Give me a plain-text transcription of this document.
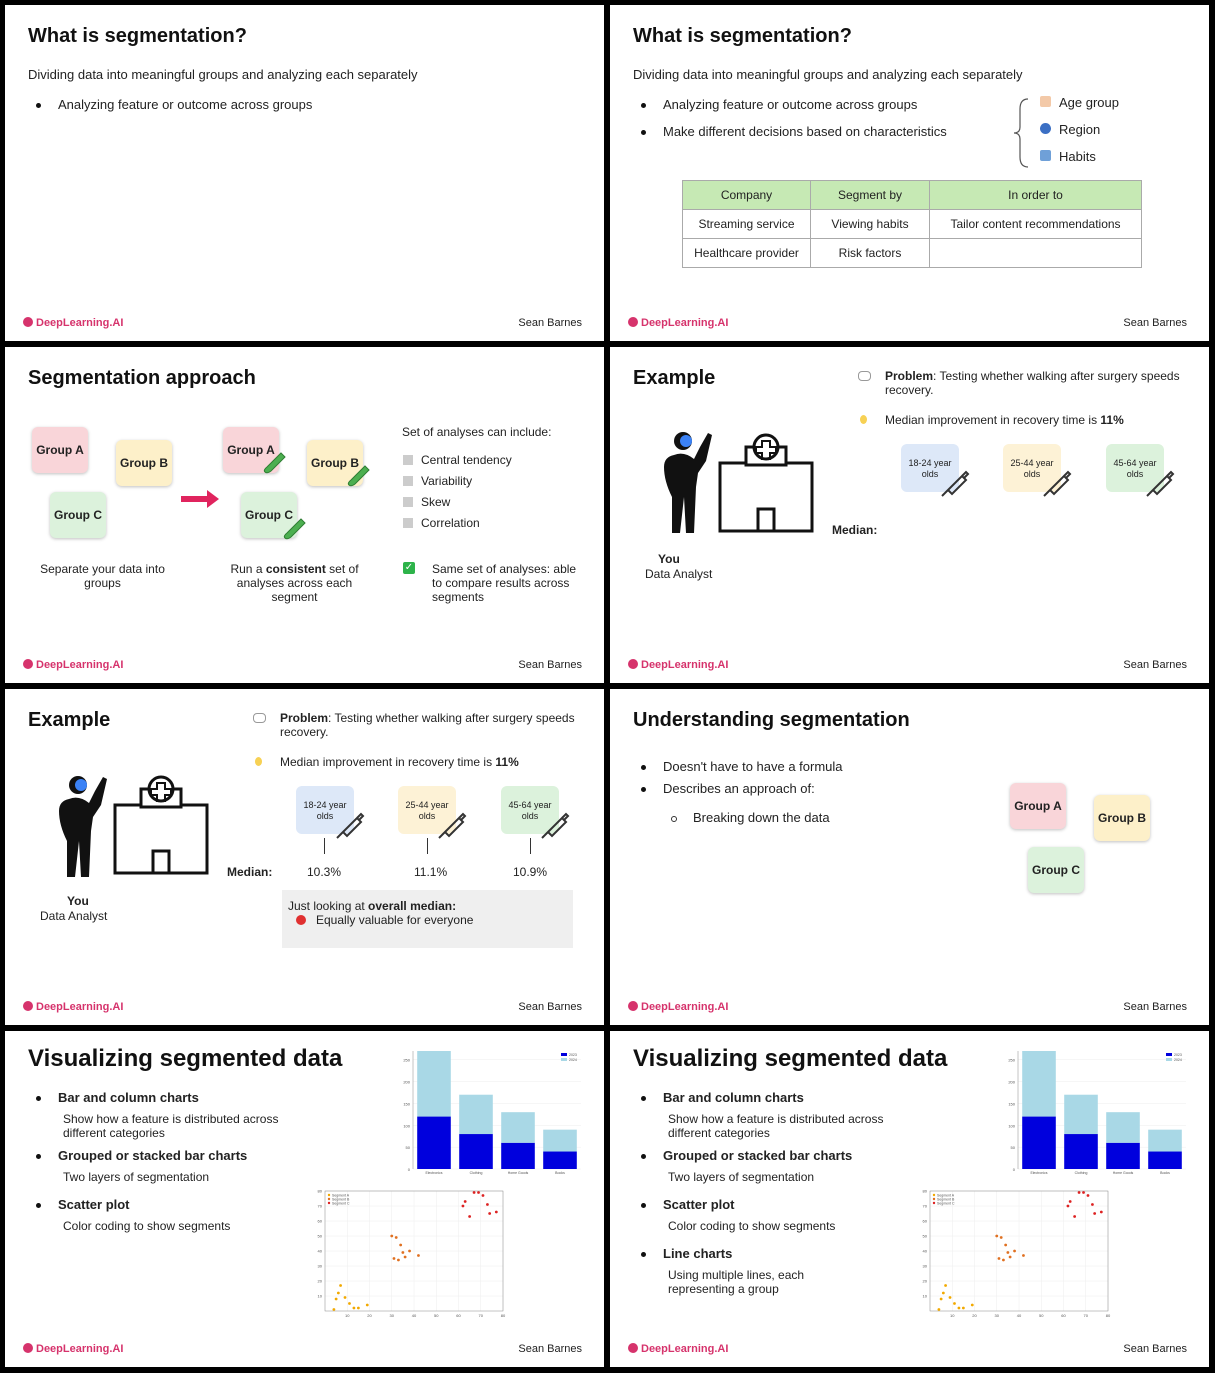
What is segmentation?
Dividing data into meaningful groups and analyzing each separately
Analyzing feature or outcome across groups
DeepLearning.AI	Sean Barnes
What is segmentation?
Dividing data into meaningful groups and analyzing each separately
Analyzing feature or outcome across groups
Make different decisions based on characteristics
Age group
Region
Habits
Company	Segment by	In order to
Streaming service	Viewing habits	Tailor content recommendations
Healthcare provider	Risk factors	
DeepLearning.AI	Sean Barnes
Segmentation approach
Group A
Group B
Group C
Separate your data into groups
Group A
Group B
Group C
Run a consistent set of analyses across each segment
Set of analyses can include:
Central tendency
Variability
Skew
Correlation
✓ Same set of analyses: able to compare results across segments
DeepLearning.AI	Sean Barnes
Example	Problem: Testing whether walking after surgery speeds recovery.
Median improvement in recovery time is 11%
You
Data Analyst
18-24 year olds
25-44 year olds
45-64 year olds
Median:
DeepLearning.AI	Sean Barnes
Example	Problem: Testing whether walking after surgery speeds recovery.
Median improvement in recovery time is 11%
You
Data Analyst
18-24 year olds
25-44 year olds
45-64 year olds
Median:	10.3%	11.1%	10.9%
Just looking at overall median:
Equally valuable for everyone
DeepLearning.AI	Sean Barnes
Understanding segmentation
Doesn't have to have a formula
Describes an approach of:
Breaking down the data
Group A
Group B
Group C
DeepLearning.AI	Sean Barnes
Visualizing segmented data
Bar and column charts
Show how a feature is distributed across different categories
Grouped or stacked bar charts
Two layers of segmentation
Scatter plot
Color coding to show segments
0
50
100
150
200
250
Electronics	Clothing	Home Goods	Books
2023
2024
10
20
30
40
50
60
70
80
10	20	30	40	50	60	70	80
Segment A
Segment B
Segment C
DeepLearning.AI	Sean Barnes
Visualizing segmented data
Bar and column charts
Show how a feature is distributed across different categories
Grouped or stacked bar charts
Two layers of segmentation
Scatter plot
Color coding to show segments
Line charts
Using multiple lines, each representing a group
0
50
100
150
200
250
Electronics	Clothing	Home Goods	Books
2023
2024
10
20
30
40
50
60
70
80
10	20	30	40	50	60	70	80
Segment A
Segment B
Segment C
DeepLearning.AI	Sean Barnes
